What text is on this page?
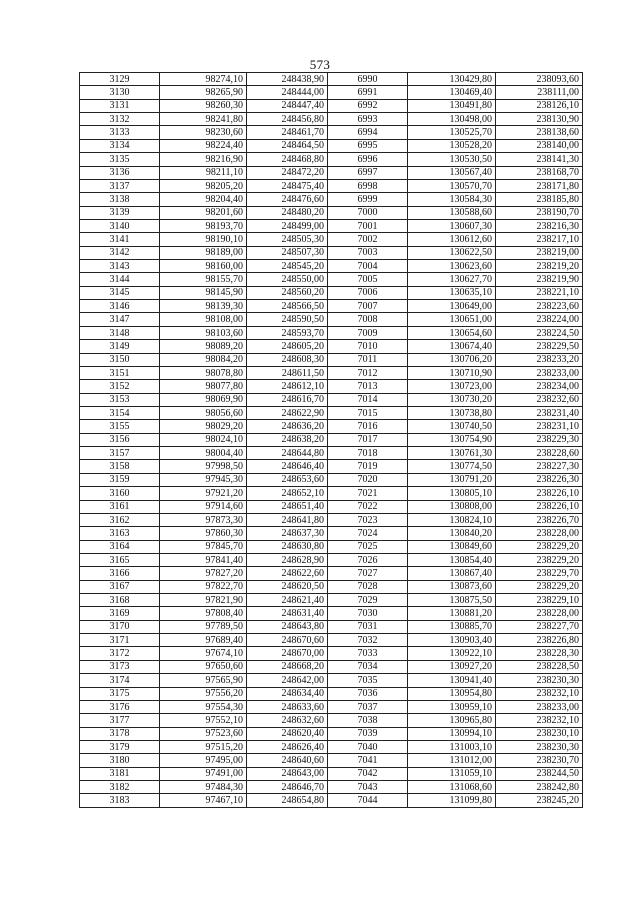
573
3129	98274,10	248438,90	6990	130429,80	238093,60
3130	98265,90	248444,00	6991	130469,40	238111,00
3131	98260,30	248447,40	6992	130491,80	238126,10
3132	98241,80	248456,80	6993	130498,00	238130,90
3133	98230,60	248461,70	6994	130525,70	238138,60
3134	98224,40	248464,50	6995	130528,20	238140,00
3135	98216,90	248468,80	6996	130530,50	238141,30
3136	98211,10	248472,20	6997	130567,40	238168,70
3137	98205,20	248475,40	6998	130570,70	238171,80
3138	98204,40	248476,60	6999	130584,30	238185,80
3139	98201,60	248480,20	7000	130588,60	238190,70
3140	98193,70	248499,00	7001	130607,30	238216,30
3141	98190,10	248505,30	7002	130612,60	238217,10
3142	98189,00	248507,30	7003	130622,50	238219,00
3143	98160,00	248545,20	7004	130623,60	238219,20
3144	98155,70	248550,00	7005	130627,70	238219,90
3145	98145,90	248560,20	7006	130635,10	238221,10
3146	98139,30	248566,50	7007	130649,00	238223,60
3147	98108,00	248590,50	7008	130651,00	238224,00
3148	98103,60	248593,70	7009	130654,60	238224,50
3149	98089,20	248605,20	7010	130674,40	238229,50
3150	98084,20	248608,30	7011	130706,20	238233,20
3151	98078,80	248611,50	7012	130710,90	238233,00
3152	98077,80	248612,10	7013	130723,00	238234,00
3153	98069,90	248616,70	7014	130730,20	238232,60
3154	98056,60	248622,90	7015	130738,80	238231,40
3155	98029,20	248636,20	7016	130740,50	238231,10
3156	98024,10	248638,20	7017	130754,90	238229,30
3157	98004,40	248644,80	7018	130761,30	238228,60
3158	97998,50	248646,40	7019	130774,50	238227,30
3159	97945,30	248653,60	7020	130791,20	238226,30
3160	97921,20	248652,10	7021	130805,10	238226,10
3161	97914,60	248651,40	7022	130808,00	238226,10
3162	97873,30	248641,80	7023	130824,10	238226,70
3163	97860,30	248637,30	7024	130840,20	238228,00
3164	97845,70	248630,80	7025	130849,60	238229,20
3165	97841,40	248628,90	7026	130854,40	238229,20
3166	97827,20	248622,60	7027	130867,40	238229,70
3167	97822,70	248620,50	7028	130873,60	238229,20
3168	97821,90	248621,40	7029	130875,50	238229,10
3169	97808,40	248631,40	7030	130881,20	238228,00
3170	97789,50	248643,80	7031	130885,70	238227,70
3171	97689,40	248670,60	7032	130903,40	238226,80
3172	97674,10	248670,00	7033	130922,10	238228,30
3173	97650,60	248668,20	7034	130927,20	238228,50
3174	97565,90	248642,00	7035	130941,40	238230,30
3175	97556,20	248634,40	7036	130954,80	238232,10
3176	97554,30	248633,60	7037	130959,10	238233,00
3177	97552,10	248632,60	7038	130965,80	238232,10
3178	97523,60	248620,40	7039	130994,10	238230,10
3179	97515,20	248626,40	7040	131003,10	238230,30
3180	97495,00	248640,60	7041	131012,00	238230,70
3181	97491,00	248643,00	7042	131059,10	238244,50
3182	97484,30	248646,70	7043	131068,60	238242,80
3183	97467,10	248654,80	7044	131099,80	238245,20
